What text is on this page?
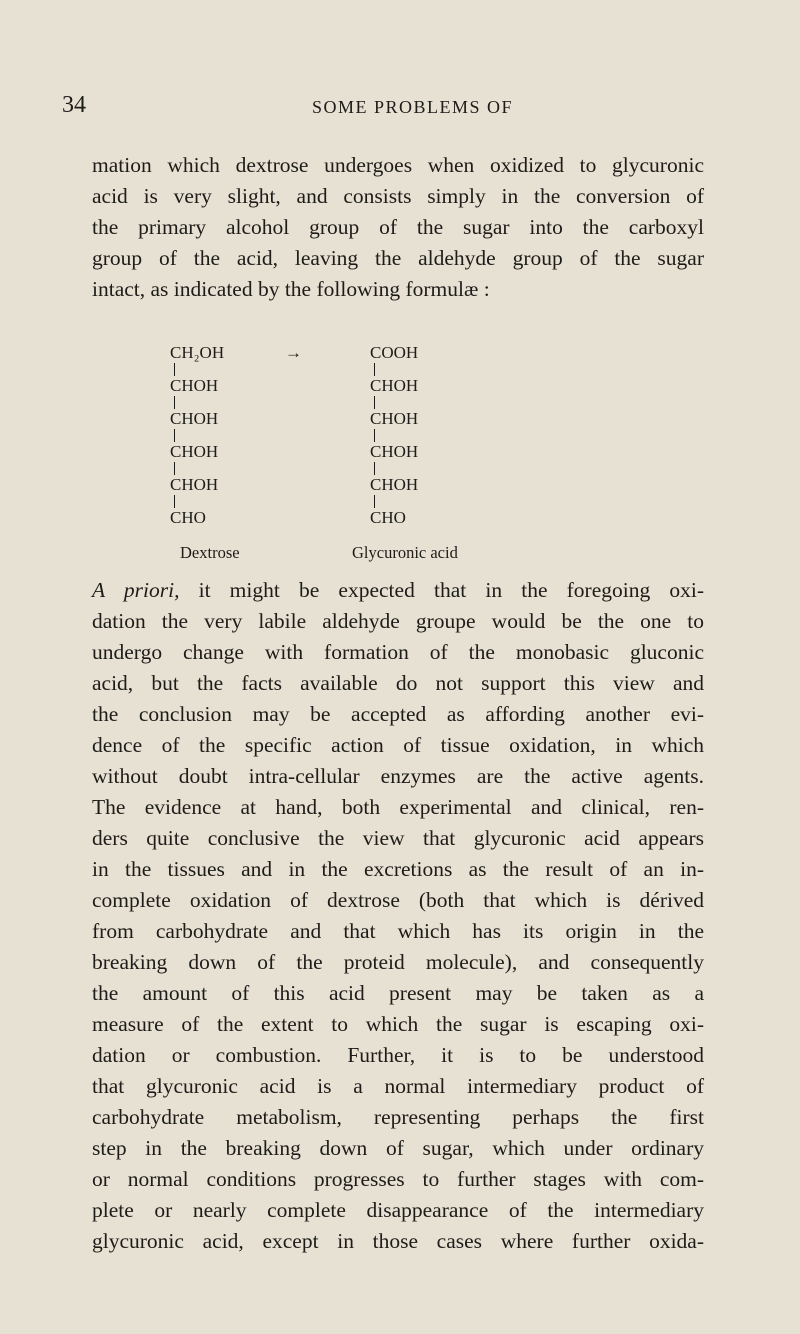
34	SOME PROBLEMS OF
mation which dextrose undergoes when oxidized to glycuronic
acid is very slight, and consists simply in the conversion of
the primary alcohol group of the sugar into the carboxyl
group of the acid, leaving the aldehyde group of the sugar
intact, as indicated by the following formulæ :
CH₂OH
CHOH
CHOH
CHOH
CHOH
CHO
Dextrose
→	COOH
CHOH
CHOH
CHOH
CHOH
CHO
Glycuronic acid
A priori, it might be expected that in the foregoing oxi-
dation the very labile aldehyde groupe would be the one to
undergo change with formation of the monobasic gluconic
acid, but the facts available do not support this view and
the conclusion may be accepted as affording another evi-
dence of the specific action of tissue oxidation, in which
without doubt intra-cellular enzymes are the active agents.
The evidence at hand, both experimental and clinical, ren-
ders quite conclusive the view that glycuronic acid appears
in the tissues and in the excretions as the result of an in-
complete oxidation of dextrose (both that which is dérived
from carbohydrate and that which has its origin in the
breaking down of the proteid molecule), and consequently
the amount of this acid present may be taken as a
measure of the extent to which the sugar is escaping oxi-
dation or combustion. Further, it is to be understood
that glycuronic acid is a normal intermediary product of
carbohydrate metabolism, representing perhaps the first
step in the breaking down of sugar, which under ordinary
or normal conditions progresses to further stages with com-
plete or nearly complete disappearance of the intermediary
glycuronic acid, except in those cases where further oxida-
